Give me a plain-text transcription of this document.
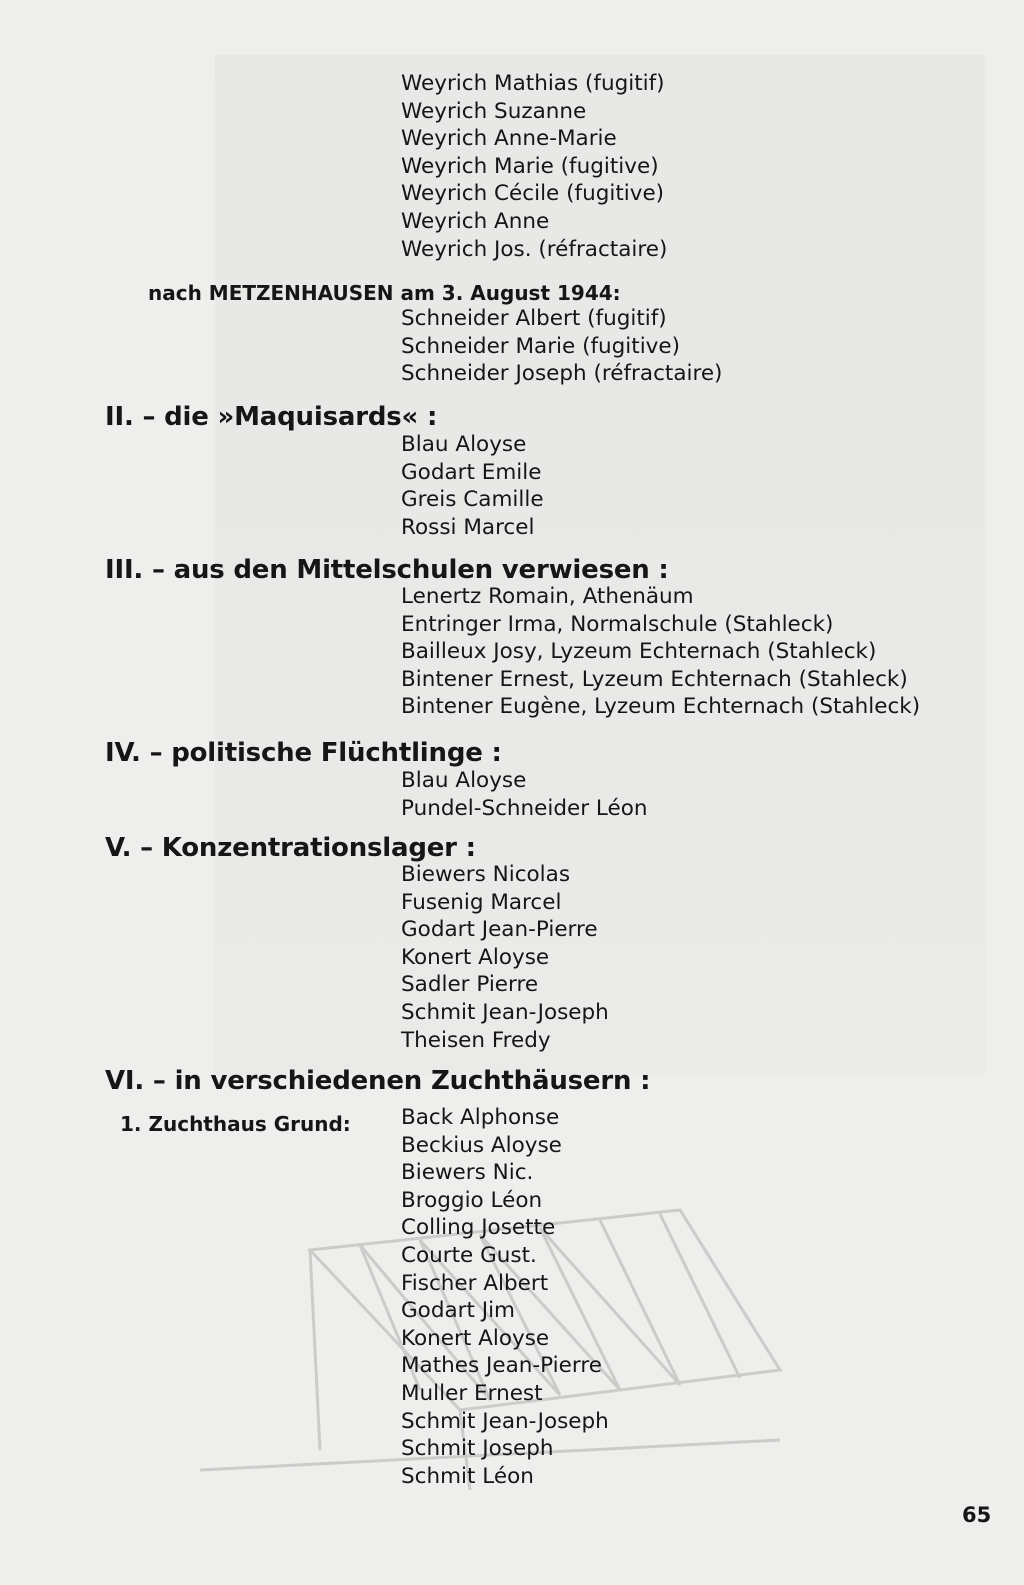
Weyrich Mathias (fugitif)
Weyrich Suzanne
Weyrich Anne-Marie
Weyrich Marie (fugitive)
Weyrich Cécile (fugitive)
Weyrich Anne
Weyrich Jos. (réfractaire)
nach METZENHAUSEN am 3. August 1944:
Schneider Albert (fugitif)
Schneider Marie (fugitive)
Schneider Joseph (réfractaire)
II. – die »Maquisards« :
Blau Aloyse
Godart Emile
Greis Camille
Rossi Marcel
III. – aus den Mittelschulen verwiesen :
Lenertz Romain, Athenäum
Entringer Irma, Normalschule (Stahleck)
Bailleux Josy, Lyzeum Echternach (Stahleck)
Bintener Ernest, Lyzeum Echternach (Stahleck)
Bintener Eugène, Lyzeum Echternach (Stahleck)
IV. – politische Flüchtlinge :
Blau Aloyse
Pundel-Schneider Léon
V. – Konzentrationslager :
Biewers Nicolas
Fusenig Marcel
Godart Jean-Pierre
Konert Aloyse
Sadler Pierre
Schmit Jean-Joseph
Theisen Fredy
VI. – in verschiedenen Zuchthäusern :
1. Zuchthaus Grund: Back Alphonse
Beckius Aloyse
Biewers Nic.
Broggio Léon
Colling Josette
Courte Gust.
Fischer Albert
Godart Jim
Konert Aloyse
Mathes Jean-Pierre
Muller Ernest
Schmit Jean-Joseph
Schmit Joseph
Schmit Léon
65
